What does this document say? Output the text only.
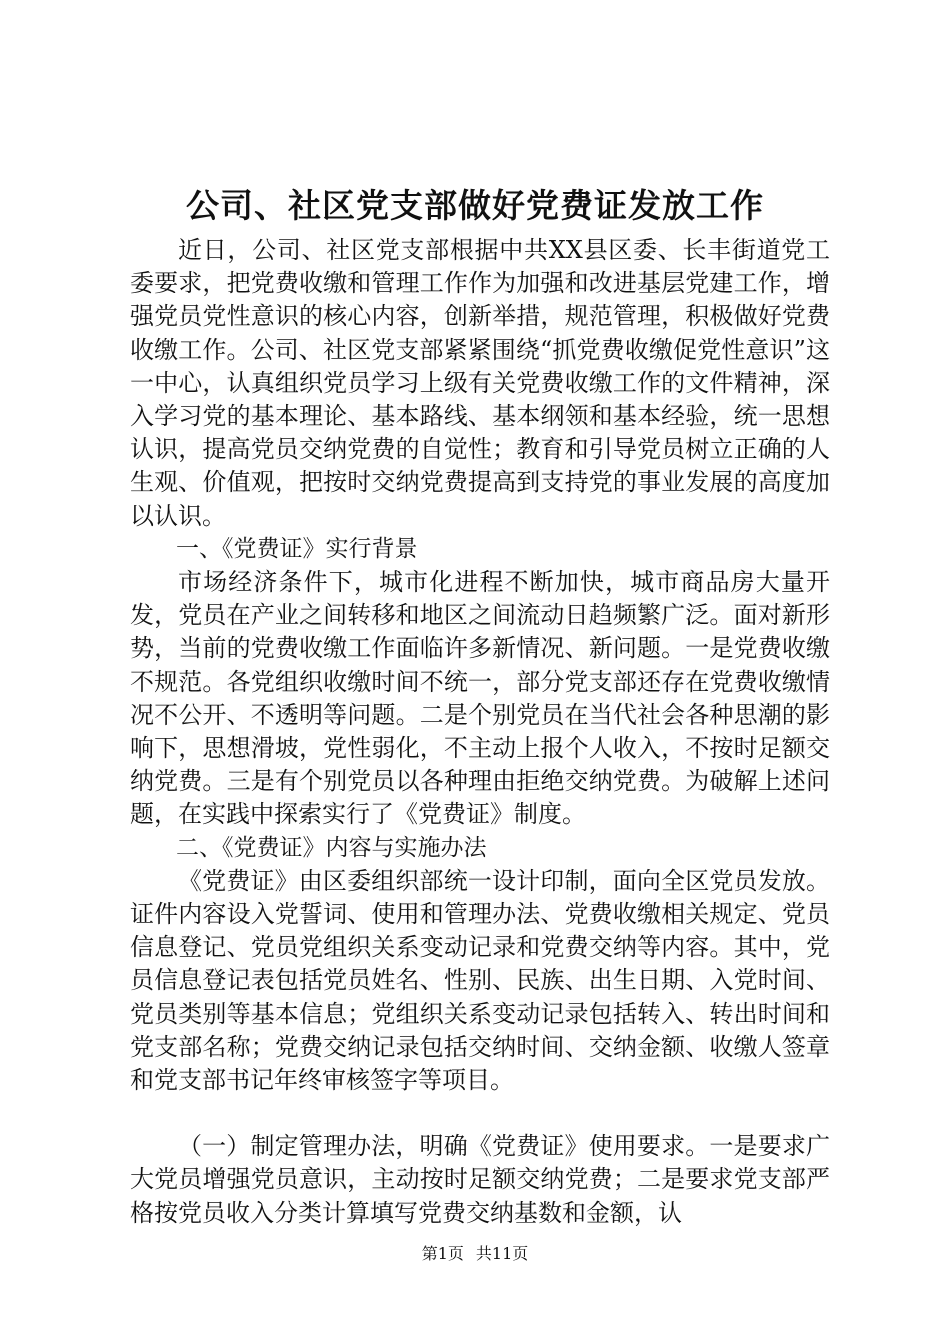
公司、社区党支部做好党费证发放工作

近日，公司、社区党支部根据中共XX县区委、长丰街道党工委要求，把党费收缴和管理工作作为加强和改进基层党建工作，增强党员党性意识的核心内容，创新举措，规范管理，积极做好党费收缴工作。公司、社区党支部紧紧围绕“抓党费收缴促党性意识”这一中心，认真组织党员学习上级有关党费收缴工作的文件精神，深入学习党的基本理论、基本路线、基本纲领和基本经验，统一思想认识，提高党员交纳党费的自觉性；教育和引导党员树立正确的人生观、价值观，把按时交纳党费提高到支持党的事业发展的高度加以认识。

一、《党费证》实行背景

市场经济条件下，城市化进程不断加快，城市商品房大量开发，党员在产业之间转移和地区之间流动日趋频繁广泛。面对新形势，当前的党费收缴工作面临许多新情况、新问题。一是党费收缴不规范。各党组织收缴时间不统一，部分党支部还存在党费收缴情况不公开、不透明等问题。二是个别党员在当代社会各种思潮的影响下，思想滑坡，党性弱化，不主动上报个人收入，不按时足额交纳党费。三是有个别党员以各种理由拒绝交纳党费。为破解上述问题，在实践中探索实行了《党费证》制度。

二、《党费证》内容与实施办法

《党费证》由区委组织部统一设计印制，面向全区党员发放。证件内容设入党誓词、使用和管理办法、党费收缴相关规定、党员信息登记、党员党组织关系变动记录和党费交纳等内容。其中，党员信息登记表包括党员姓名、性别、民族、出生日期、入党时间、党员类别等基本信息；党组织关系变动记录包括转入、转出时间和党支部名称；党费交纳记录包括交纳时间、交纳金额、收缴人签章和党支部书记年终审核签字等项目。

（一）制定管理办法，明确《党费证》使用要求。一是要求广大党员增强党员意识，主动按时足额交纳党费；二是要求党支部严格按党员收入分类计算填写党费交纳基数和金额，认

第1页 共11页
